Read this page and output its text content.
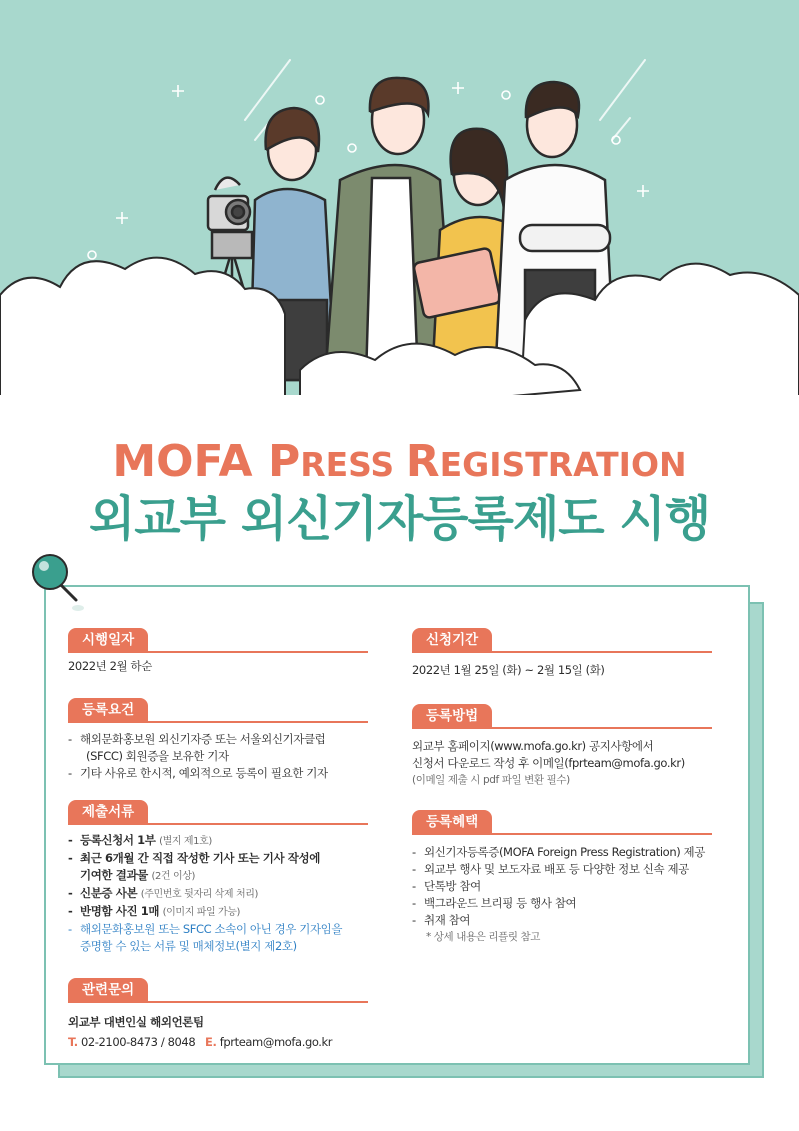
MOFA PRESS REGISTRATION
외교부 외신기자등록제도 시행
시행일자
2022년 2월 하순
등록요건
- 해외문화홍보원 외신기자증 또는 서울외신기자클럽
(SFCC) 회원증을 보유한 기자
- 기타 사유로 한시적, 예외적으로 등록이 필요한 기자
제출서류
- 등록신청서 1부 (별지 제1호)
- 최근 6개월 간 직접 작성한 기사 또는 기사 작성에
기여한 결과물 (2건 이상)
- 신분증 사본 (주민번호 뒷자리 삭제 처리)
- 반명함 사진 1매 (이미지 파일 가능)
- 해외문화홍보원 또는 SFCC 소속이 아닌 경우 기자임을
증명할 수 있는 서류 및 매체정보(별지 제2호)
관련문의
외교부 대변인실 해외언론팀
T. 02-2100-8473 / 8048 E. fprteam@mofa.go.kr
신청기간
2022년 1월 25일 (화) ~ 2월 15일 (화)
등록방법
외교부 홈페이지(www.mofa.go.kr) 공지사항에서
신청서 다운로드 작성 후 이메일(fprteam@mofa.go.kr)
(이메일 제출 시 pdf 파일 변환 필수)
등록혜택
- 외신기자등록증(MOFA Foreign Press Registration) 제공
- 외교부 행사 및 보도자료 배포 등 다양한 정보 신속 제공
- 단톡방 참여
- 백그라운드 브리핑 등 행사 참여
- 취재 참여
* 상세 내용은 리플릿 참고
